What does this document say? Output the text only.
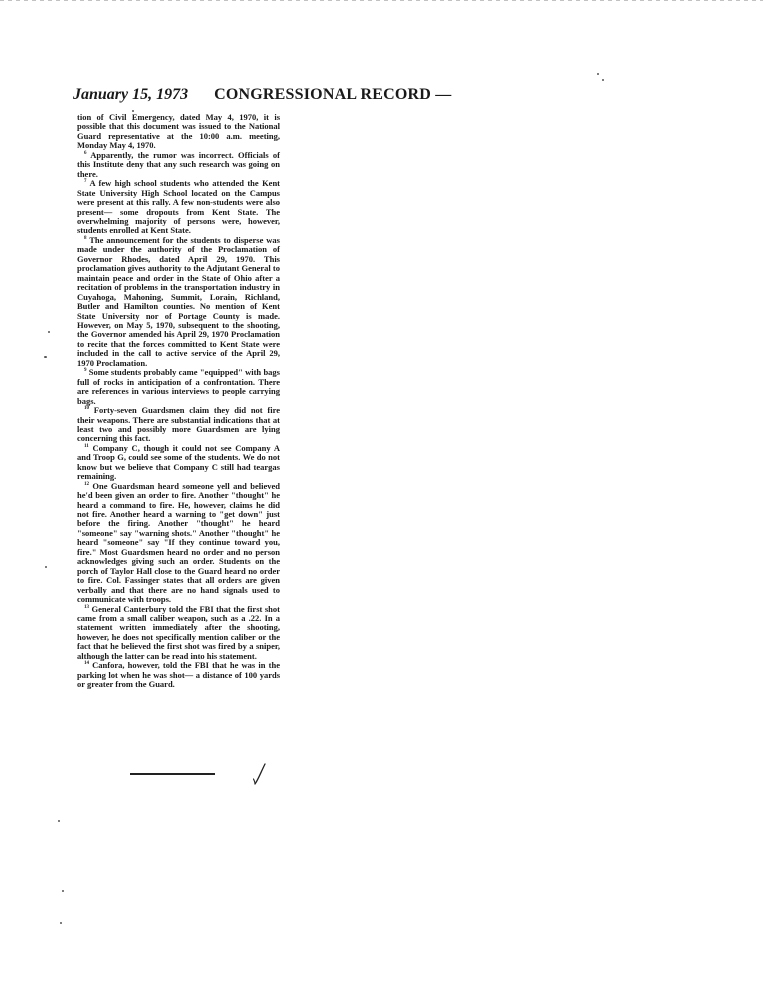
January 15, 1973 CONGRESSIONAL RECORD —

tion of Civil Emergency, dated May 4, 1970, it is possible that this document was issued to the National Guard representative at the 10:00 a.m. meeting, Monday May 4, 1970.

$^6$ Apparently, the rumor was incorrect. Officials of this Institute deny that any such research was going on there.

$^7$ A few high school students who attended the Kent State University High School located on the Campus were present at this rally. A few non-students were also present— some dropouts from Kent State. The overwhelming majority of persons were, however, students enrolled at Kent State.

$^8$ The announcement for the students to disperse was made under the authority of the Proclamation of Governor Rhodes, dated April 29, 1970. This proclamation gives authority to the Adjutant General to maintain peace and order in the State of Ohio after a recitation of problems in the transportation industry in Cuyahoga, Mahoning, Summit, Lorain, Richland, Butler and Hamilton counties. No mention of Kent State University nor of Portage County is made. However, on May 5, 1970, subsequent to the shooting, the Governor amended his April 29, 1970 Proclamation to recite that the forces committed to Kent State were included in the call to active service of the April 29, 1970 Proclamation.

$^9$ Some students probably came "equipped" with bags full of rocks in anticipation of a confrontation. There are references in various interviews to people carrying bags.

$^{10}$ Forty-seven Guardsmen claim they did not fire their weapons. There are substantial indications that at least two and possibly more Guardsmen are lying concerning this fact.

$^{11}$ Company C, though it could not see Company A and Troop G, could see some of the students. We do not know but we believe that Company C still had teargas remaining.

$^{12}$ One Guardsman heard someone yell and believed he'd been given an order to fire. Another "thought" he heard a command to fire. He, however, claims he did not fire. Another heard a warning to "get down" just before the firing. Another "thought" he heard "someone" say "warning shots." Another "thought" he heard "someone" say "If they continue toward you, fire." Most Guardsmen heard no order and no person acknowledges giving such an order. Students on the porch of Taylor Hall close to the Guard heard no order to fire. Col. Fassinger states that all orders are given verbally and that there are no hand signals used to communicate with troops.

$^{13}$ General Canterbury told the FBI that the first shot came from a small caliber weapon, such as a .22. In a statement written immediately after the shooting, however, he does not specifically mention caliber or the fact that he believed the first shot was fired by a sniper, although the latter can be read into his statement.

$^{14}$ Canfora, however, told the FBI that he was in the parking lot when he was shot— a distance of 100 yards or greater from the Guard.
